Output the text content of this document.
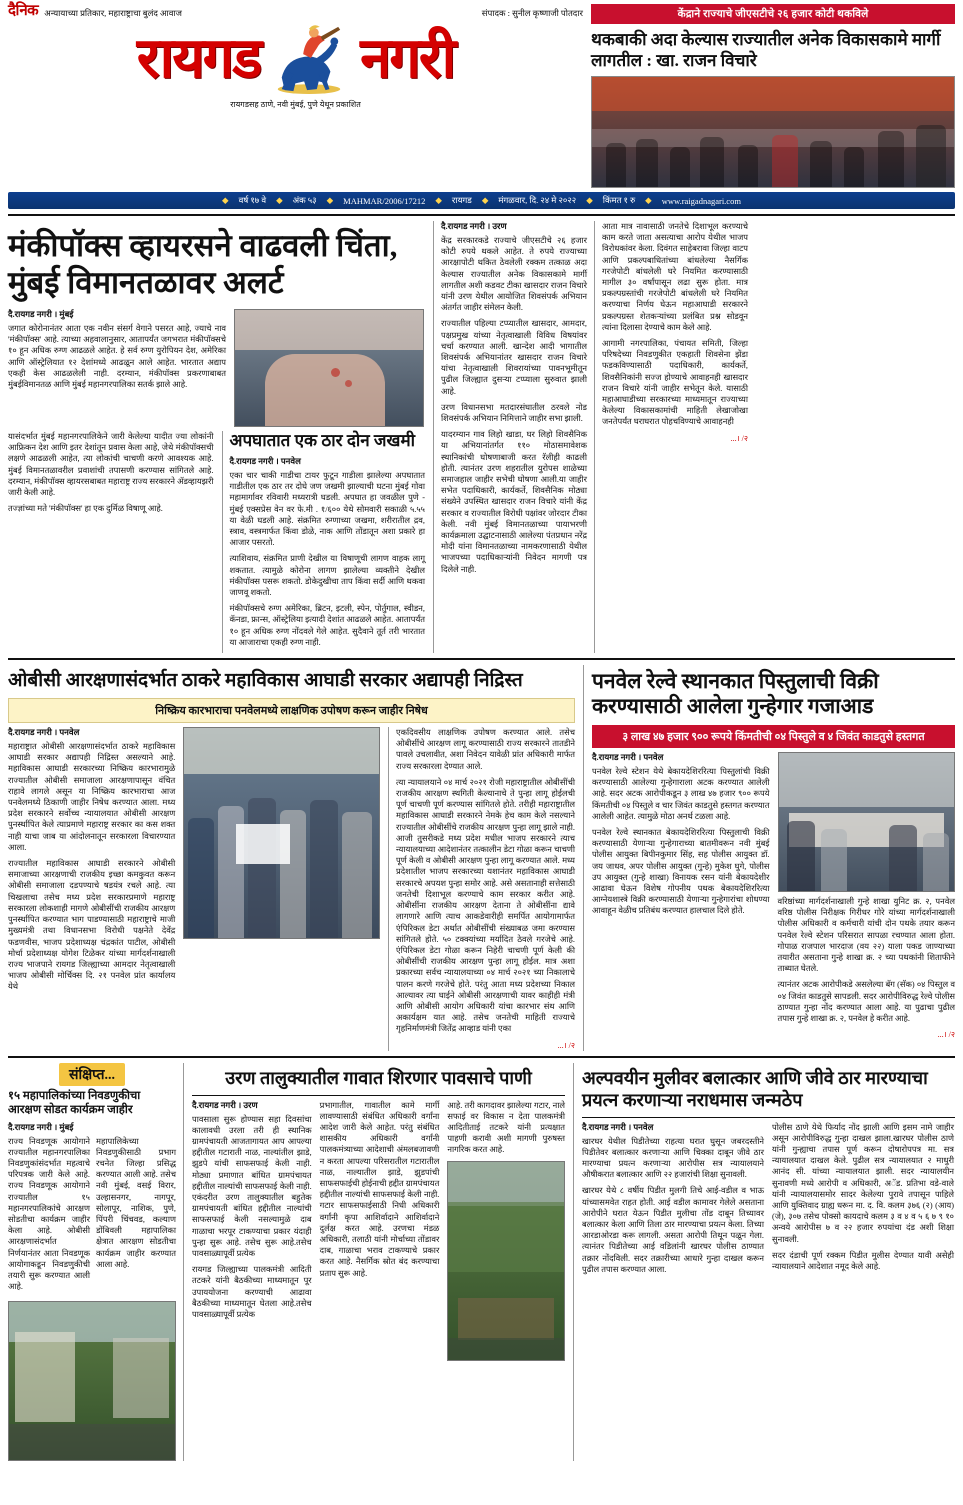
दैनिक अन्यायाच्या प्रतिकार, महाराष्ट्राचा बुलंद आवाज	संपादक : सुनील कृष्णाजी पोतदार
रायगड नगरी
रायगडसह ठाणे, नवी मुंबई, पुणे येथून प्रकाशित
केंद्राने राज्याचे जीएसटीचे २६ हजार कोटी थकविले
थकबाकी अदा केल्यास राज्यातील अनेक विकासकामे मार्गी लागतील : खा. राजन विचारे
◆ वर्ष १७ वे ◆ अंक ५३ ◆ MAHMAR/2006/17212 ◆ रायगड ◆ मंगळवार, दि. २४ मे २०२२ ◆ किंमत १ रु ◆ www.raigadnagari.com
मंकीपॉक्स व्हायरसने वाढवली चिंता, मुंबई विमानतळावर अलर्ट
दै.रायगड नगरी । मुंबई

जगात कोरोनानंतर आता एक नवीन संसर्ग वेगाने पसरत आहे, ज्याचे नाव 'मंकीपॉक्स' आहे. त्याच्या अहवालानुसार, आतापर्यंत जगभरात मंकीपॉक्सचे १० हून अधिक रुग्ण आढळले आहेत. हे सर्व रुग्ण युरोपियन देश, अमेरिका आणि ऑस्ट्रेलियात १२ देशांमध्ये आढळून आले आहेत. भारतात अद्याप एकही केस आढळलेली नाही. दरम्यान, मंकीपॉक्स प्रकरणाबाबत मुंबईविमानतळ आणि मुंबई महानगरपालिका सतर्क झाले आहे.

यासंदर्भात मुंबई महानगरपालिकेने जारी केलेल्या यादीत ज्या लोकांनी आफ्रिकन देश आणि इतर देशांतून प्रवास केला आहे, जेथे मंकीपॉक्सची लक्षणे आढळली आहेत, त्या लोकांची चाचणी करणे आवश्यक आहे. मुंबई विमानतळावरील प्रवाशांची तपासणी करण्यास सांगितले आहे. दरम्यान, मंकीपॉक्स व्हायरसबाबत महाराष्ट्र राज्य सरकारने ॲडव्हायझरी जारी केली आहे.

तज्ज्ञांच्या मते 'मंकीपॉक्स' हा एक दुर्मिळ विषाणू आहे.

अपघातात एक ठार दोन जखमी
दै.रायगड नगरी । पनवेल

एका चार चाकी गाडीचा टायर फुटून गाडीला झालेल्या अपघातात गाडीतील एक ठार तर दोघे जण जखमी झाल्याची घटना मुंबई गोवा महामार्गावर रविवारी मध्यरात्री घडली. अपघात हा जवळील पुणे - मुंबई एक्सप्रेस वेन वर फे.मी . १/६०० येथे सोमवारी सकाळी ५.५५ या वेळी घडली आहे. संक्रमित रुग्णाच्या जखमा, शरीरातील द्रव, स्त्राव, वस्त्रमार्फत किंवा डोळे, नाक आणि तोंडातून अशा प्रकारे हा आजार पसरतो.

त्याशिवाय, संक्रमित प्राणी देखील या विषाणूची लागण वाहक लागू शकतात. त्यामुळे कोरोना लागण झालेल्या व्यक्तीने देखील मंकीपॉक्स पसरू शकतो. डोकेदुखीचा ताप किंवा सर्दी आणि थकवा जाणवू शकतो.

मंकीपॉक्सचे रुग्ण अमेरिका, ब्रिटन, इटली, स्पेन, पोर्तुगाल, स्वीडन, कॅनडा, फ्रान्स, ऑस्ट्रेलिया इत्यादी देशांत आढळले आहेत. आतापर्यंत १० हून अधिक रुग्ण नोंदवले गेले आहेत. सुदैवाने तूर्त तरी भारतात या आजाराचा एकही रुग्ण नाही.

दै.रायगड नगरी । उरण

केंद्र सरकारकडे राज्याचे जीएसटीचे २६ हजार कोटी रुपये थकले आहेत. ते रुपये राज्याच्या आरक्षापोटी थकित ठेवलेली रक्कम तत्काळ अदा केल्यास राज्यातील अनेक विकासकामे मार्गी लागतील अशी कडवट टीका खासदार राजन विचारे यांनी उरण येथील आयोजित शिवसंपर्क अभियान अंतर्गत जाहीर संमेलन केली.

राज्यातील पहिल्या टप्प्यातील खासदार, आमदार, पक्षप्रमुख यांच्या नेतृत्वाखाली विविध विषयांवर चर्चा करण्यात आली. खान्देश आदी भागातील शिवसंपर्क अभियानांतर खासदार राजन विचारे यांचा नेतृत्वाखाली शिवरायांच्या पावनभूमीतून पुढील जिल्ह्यात दुसऱ्या टप्प्याला सुरुवात झाली आहे.

उरण विधानसभा मतदारसंघातील ठरवले नोड शिवसंपर्क अभियान निमित्ताने जाहीर सभा झाली.

यादरम्यान गाव लिहो खाडा, घर लिहो शिवसैनिक या अभियानांतर्गत ११० मोठासमावेशक स्थानिकांची घोषणाबाजी करत रॅलीही काढली होती. त्यानंतर उरण शहरातील युरोपस शाळेच्या समाजहाल जाहीर सभेची घोषणा आली.या जाहीर सभेत पदाधिकारी, कार्यकर्ते, शिवसैनिक मोठ्या संख्येने उपस्थित खासदार राजन विचारे यांनी केंद्र सरकार व राज्यातील विरोधी पक्षांवर जोरदार टीका केली. नवी मुंबई विमानतळाच्या पायाभरणी कार्यक्रमाला उद्घाटनासाठी आलेल्या पंतप्रधान नरेंद्र मोदी यांना विमानतळाच्या नामकरणासाठी येथील भाजपच्या पदाधिकाऱ्यांनी निवेदन मागणी पत्र दिलेले नाही.

आता मात्र नावासाठी जनतेचे दिशाभूल करण्याचे काम करते जाता असत्याचा आरोप येथील भाजप विरोधकांवर केला. दिवंगत साहेबरावा जिल्हा वाटप आणि प्रकल्पबाधितांच्या बांधलेल्या नैसर्गिक गरजेपोटी बांधलेली घरे नियमित करण्यासाठी मागील ३० वर्षांपासून लढा सुरू होता. मात्र प्रकल्पग्रस्तांची गरजेपोटी बांधलेली घरे नियमित करण्याचा निर्णय घेऊन महाआघाडी सरकारने प्रकल्पग्रस्त शेतकऱ्यांच्या प्रलंबित प्रश्न सोडवून त्यांना दिलासा देण्याचे काम केले आहे.

आगामी नगरपालिका, पंचायत समिती, जिल्हा परिषदेच्या निवडणुकीत एकहाती शिवसेना झेंडा फडकविण्यासाठी पदाधिकारी, कार्यकर्ते, शिवसैनिकांनी सज्ज होण्याचे आवाहनही खासदार राजन विचारे यांनी जाहीर सभेतून केले. यासाठी महाआघाडीच्या सरकारच्या माध्यमातून राज्याच्या केलेल्या विकासकामांची माहिती लेखाजोखा जनतेपर्यंत घराघरात पोहचविण्याचे आवाहनही

...। /२
ओबीसी आरक्षणासंदर्भात ठाकरे महाविकास आघाडी सरकार अद्यापही निद्रिस्त
निष्क्रिय कारभाराचा पनवेलमध्ये लाक्षणिक उपोषण करून जाहीर निषेध
दै.रायगड नगरी । पनवेल

महाराष्ट्रात ओबीसी आरक्षणासंदर्भात ठाकरे महाविकास आघाडी सरकार अद्यापही निद्रिस्त असल्याने आहे. महाविकास आघाडी सरकारच्या निष्क्रिय कारभारामुळे राज्यातील ओबीसी समाजाला आरक्षणापासून वंचित राहावे लागले असून या निष्क्रिय कारभाराचा आज पनवेलमध्ये ठिकाणी जाहीर निषेध करण्यात आला. मध्य प्रदेश सरकारने सर्वोच्च न्यायालयात ओबीसी आरक्षण पुनर्स्थापित केले त्याप्रमाणे महाराष्ट्र सरकार का कस शक्त नाही याचा जाब या आंदोलनातून सरकारला विचारण्यात आला.

राज्यातील महाविकास आघाडी सरकारने ओबीसी समाजाच्या आरक्षणाची राजकीय इच्छा कमकुवत करून ओबीसी समाजाला दडपण्याचे षडयंत्र रचले आहे. त्या चिखलाचा तसेच मध्य प्रदेश सरकारप्रमाणे महाराष्ट्र सरकारला लोकशाही मागणे ओबीसींची राजकीय आरक्षण पुनर्स्थापित करण्यात भाग पाडण्यासाठी महाराष्ट्राचे माजी मुख्यमंत्री तथा विधानसभा विरोधी पक्षनेते देवेंद्र फडणवीस, भाजप प्रदेशाध्यक्ष चंद्रकांत पाटील, ओबीसी मोर्चा प्रदेशाध्यक्ष योगेश टिळेकर यांच्या मार्गदर्शनाखाली राज्य भाजपाने रायगड जिल्ह्याच्या आमदार नेतृत्वाखाली भाजप ओबीसी मोर्चिक्स दि. २१ पनवेल प्रांत कार्यालय येथे

एकदिवसीय लाक्षणिक उपोषण करण्यात आले. तसेच ओबीसींचे आरक्षण लागू करण्यासाठी राज्य सरकारने तातडीने पावले उचलावीत, अशा निवेदन यावेळी प्रांत अधिकारी मार्फत राज्य सरकारला देण्यात आले.

त्या न्यायालयाने ०४ मार्च २०२१ रोजी महाराष्ट्रातील ओबीसींची राजकीय आरक्षण स्थगिती केल्यानाचे ते पुन्हा लागू होईलची पूर्ण चाचणी पूर्ण करण्यास सांगितले होते. तरीही महाराष्ट्रातील महाविकास आघाडी सरकारने नेमके हेच काम केले नसल्याने राज्यातील ओबीसींचे राजकीय आरक्षण पुन्हा लागू झाले नाही. आजी तुसरीकडे मध्य प्रदेश मधील भाजप सरकारने त्याच न्यायालयाच्या आदेशानंतर तत्कालीन डेटा गोळा करून चाचणी पूर्ण केली व ओबीसी आरक्षण पुन्हा लागू करण्यात आले. मध्य प्रदेशातील भाजप सरकारच्या यशानंतर महाविकास आघाडी सरकारचे अपयश पुन्हा समोर आहे. असे असतानाही सत्तेसाठी जनतेची दिशाभूल करण्याचे काम सरकार करीत आहे. ओबीसींना राजकीय आरक्षण देताना ते ओबीसींना द्यावे लागणारे आणि त्याच आकडेवारीही समर्पित आयोगामार्फत एंपिरिकल डेटा अर्थात ओबीसींची संख्याबळ जमा करण्यास सांगितले होते. ५० टक्क्यांच्या मर्यादित ठेवले गरजेचे आहे. एंपिरिकल डेटा गोळा करून निहेरी चाचणी पूर्ण केली की ओबीसींची राजकीय आरक्षण पुन्हा लागू होईल. मात्र अशा प्रकारच्या सर्वच न्यायालयाच्या ०४ मार्च २०२१ च्या निकालाचे पालन करणे गरजेचे होते. परंतु आता मध्य प्रदेशच्या निकाल आल्यावर त्या घाईने ओबीसी आरक्षणाची यावर काहीही मंत्री आणि ओबीसी आयोग अधिकारी यांचा कारभार संथ आणि अकार्यक्षम यात आहे. तसेच जनतेची माहिती राज्याचे गृहनिर्माणमंत्री जितेंद्र आव्हाड यांनी एका

...। /२
पनवेल रेल्वे स्थानकात पिस्तुलाची विक्री करण्यासाठी आलेला गुन्हेगार गजाआड
३ लाख ४७ हजार ९०० रूपये किंमतीची ०४ पिस्तुले व ४ जिवंत काडतुसे हस्तगत
दै.रायगड नगरी । पनवेल

पनवेल रेल्वे स्टेशन येथे बेकायदेशिररित्या पिस्तुलांची विक्री करण्यासाठी आलेल्या गुन्हेगाराला अटक करण्यात आलेली आहे. सदर अटक आरोपीकडून ३ लाख ४७ हजार ९०० रूपये किंमतीची ०४ पिस्तुले व चार जिवंत काडतुसे हस्तगत करण्यात आलेली आहेत. त्यामुळे मोठा अनर्थ टळला आहे.

पनवेल रेल्वे स्थानकात बेकायदेशिररित्या पिस्तुलाची विक्री करण्यासाठी येणाऱ्या गुन्हेगाराच्या बातमीवरून नवी मुंबई पोलीस आयुक्त बिपीनकुमार सिंह, सह पोलीस आयुक्त डॉ. जय जाधव, अपर पोलीस आयुक्त (गुन्हे) मुकेश घुगे, पोलीस उप आयुक्त (गुन्हे शाखा) विनायक रसन यांनी बेकायदेशीर आढावा घेऊन विशेष गोपनीय पथक बेकायदेशिररित्या आग्नेयशास्त्रे विक्री करण्यासाठी येणाऱ्या गुन्हेगारांचा शोधण्या आवाहून वेळीच प्रतिबंध करण्यात हालचाल दिले होते.

वरिष्ठांच्या मार्गदर्शनाखाली गुन्हे शाखा युनिट क्र. २, पनवेल वरिष्ठ पोलीस निरीक्षक गिरीधर गोरे यांच्या मार्गदर्शनाखाली पोलीस अधिकारी व कर्मचारी यांची दोन पथके तयार करून पनवेल रेल्वे स्टेशन परिसरात सापळा रचण्यात आला होता. गोपाळ राजपाल भारदाज (वय २२) याला पकड जाण्याच्या तयारीत असताना गुन्हे शाखा क्र. २ च्या पथकांनी शिताफीने ताब्यात घेतले.

त्यानंतर अटक आरोपीकडे असलेल्या बॅग (सॅक) ०४ पिस्तुल व ०४ जिवंत काडतुसे सापडली. सदर आरोपीविरुद्ध रेल्वे पोलीस ठाण्यात गुन्हा नोंद करण्यात आला आहे. या पुढाचा पुढील तपास गुन्हे शाखा क्र. २, पनवेल हे करीत आहे.

...। /२
संक्षिप्त...
१५ महापालिकांच्या निवडणुकीचा आरक्षण सोडत कार्यक्रम जाहीर
दै.रायगड नगरी । मुंबई

राज्य निवडणूक आयोगाने राज्यातील महानगरपालिका निवडणुकांसंदर्भात महत्वाचे परिपत्रक जारी केले आहे. राज्य निवडणूक आयोगाने राज्यातील १५ महानगरपालिकांचे आरक्षण सोडतीचा कार्यक्रम जाहीर केला आहे. ओबीसी आरक्षणासंदर्भात निर्णयानंतर आता निवडणूक आयोगाकडून निवडणुकीची तयारी सुरू करण्यात आली आहे.

महापालिकेच्या निवडणुकीसाठी प्रभाग रचनेत जिल्हा प्रसिद्ध करण्यात आली आहे. तसेच नवी मुंबई, वसई विरार, उल्हासनगर, नागपूर, सोलापूर, नाशिक, पुणे, पिंपरी चिंचवड, कल्याण डोंबिवली महापालिका क्षेत्रात आरक्षण सोडतीचा कार्यक्रम जाहीर करण्यात आला आहे.

उरण तालुक्यातील गावात शिरणार पावसाचे पाणी
दै.रायगड नगरी । उरण

पावसाला सुरू होण्यास सहा दिवसांचा कालावधी उरला तरी ही स्थानिक ग्रामपंचायती आजतागायत आप आपल्या हद्दीतील गटाराती नाळ, नाल्यांतील झाडे, झुडपे यांची साफसफाई केली नाही. मोठ्या प्रमाणात बांधित ग्रामपंचायत हद्दीतील नाल्यांची साफसफाई केली नाही. एकंदरीत उरण तालुक्यातील बहुतेक ग्रामपंचायती बांधित हद्दीतील नाल्यांची साफसफाई केली नसल्यामुळे दाब गाळाचा भरपूर टाकण्याचा प्रकार यंदाही पुन्हा सुरू आहे. तसेच सुरू आहे.तसेच पावसाळ्यापूर्वी प्रत्येक

रायगड जिल्ह्याच्या पालकमंत्री आदिती तटकरे यांनी बैठकीच्या माध्यमातून पूर उपाययोजना करण्याची आढावा बैठकीच्या माध्यमातून घेतला आहे.तसेच पावसाळ्यापूर्वी प्रत्येक

प्रभागातील, गावातील कामे मार्गी लावण्यासाठी संबंधित अधिकारी वर्गांना आदेश जारी केले आहेत. परंतु संबंधित शासकीय अधिकारी वर्गांनी पालकमंत्र्याच्या आदेशाची अंमलबजावणी न करता आपल्या परिसरातील गटारातील नाळ, नाल्यातील झाडे, झुडपांची साफसफाईची होईनाची हद्दीत ग्रामपंचायत हद्दीतील नाल्यांची साफसफाई केली नाही. गटार साफसफाईसाठी निधी अधिकारी वर्गांनी कृपा आशिर्वादाने आशिर्वादाने दुर्लक्ष करत आहे. उरणचा मंडळ अधिकारी, तलाठी यांनी मोर्चाच्या तोंडावर दाब, गाळाचा भराव टाकण्याचे प्रकार करत आहे. नैसर्गिक स्रोत बंद करण्याचा प्रताप सुरू आहे.

आहे. तरी कागदावर झालेल्या गटार, नाले सफाई वर विकास न देता पालकमंत्री आदितीताई तटकरे यांनी प्रत्यक्षात पाहणी करावी अशी मागणी पुरुषस्त नागरिक करत आहे.

अल्पवयीन मुलीवर बलात्कार आणि जीवे ठार मारण्याचा प्रयत्न करणाऱ्या नराधमास जन्मठेप
दै.रायगड नगरी । पनवेल

खारघर येथील पिडीतेच्या राहत्या घरात घुसून जबरदस्तीने पिडीतेवर बलात्कार करणाऱ्या आणि चिक्का दाबून जीवे ठार मारण्याचा प्रयत्न करणाऱ्या आरोपीस सत्र न्यायालयाने औषीकरात बलात्कार आणि २२ हजारांची शिक्षा सुनावली.

खारघर येथे ८ वर्षीय पिडीत मुलगी तिचे आई-वडील व भाऊ यांच्यासमवेत राहत होती. आई वडील कामावर गेलेले असताना आरोपीने घरात येऊन पिडीत मुलीचा तोंड दाबून तिच्यावर बलात्कार केला आणि तिला ठार मारण्याचा प्रयत्न केला. तिच्या आरडाओरडा करू लागली. असता आरोपी तिथून पळून गेला. त्यानंतर पिडीतेच्या आई वडिलांनी खारघर पोलीस ठाण्यात तक्रार नोंदविली. सदर तक्रारीच्या आधारे गुन्हा दाखल करून पुढील तपास करण्यात आला.

पोलीस ठाणे येथे फिर्याद नोंद झाली आणि इसम नामे जाहीर असून आरोपीविरुद्ध गुन्हा दाखल झाला.खारघर पोलीस ठाणे यांनी गुन्ह्याचा तपास पूर्ण करून दोषारोपपत्र मा. सत्र न्यायालयात दाखल केले. पुढील सत्र न्यायालयात २ माधुरी आनंद सी. यांच्या न्यायालयात झाली. सदर न्यायालयीन सुनावणी मध्ये आरोपी व अधिकारी, अॅड. प्रतिभा वडे-वाले यांनी न्यायालयासमोर सादर केलेल्या पुरावे तपासून पाहिले आणि युक्तिवाद ग्राह्य धरून मा. द. वि. कलम ३७६ (२) (आय) (जे), ३०७ तसेच पोक्सो कायदाचे कलम ३ व ४ व ५ ६ ७ ९ १० अन्वये आरोपीस ७ व २२ हजार रुपयांचा दंड अशी शिक्षा सुनावली.

सदर दंडाची पूर्ण रक्कम पिडीत मुलीस देण्यात यावी असेही न्यायालयाने आदेशात नमूद केले आहे.
